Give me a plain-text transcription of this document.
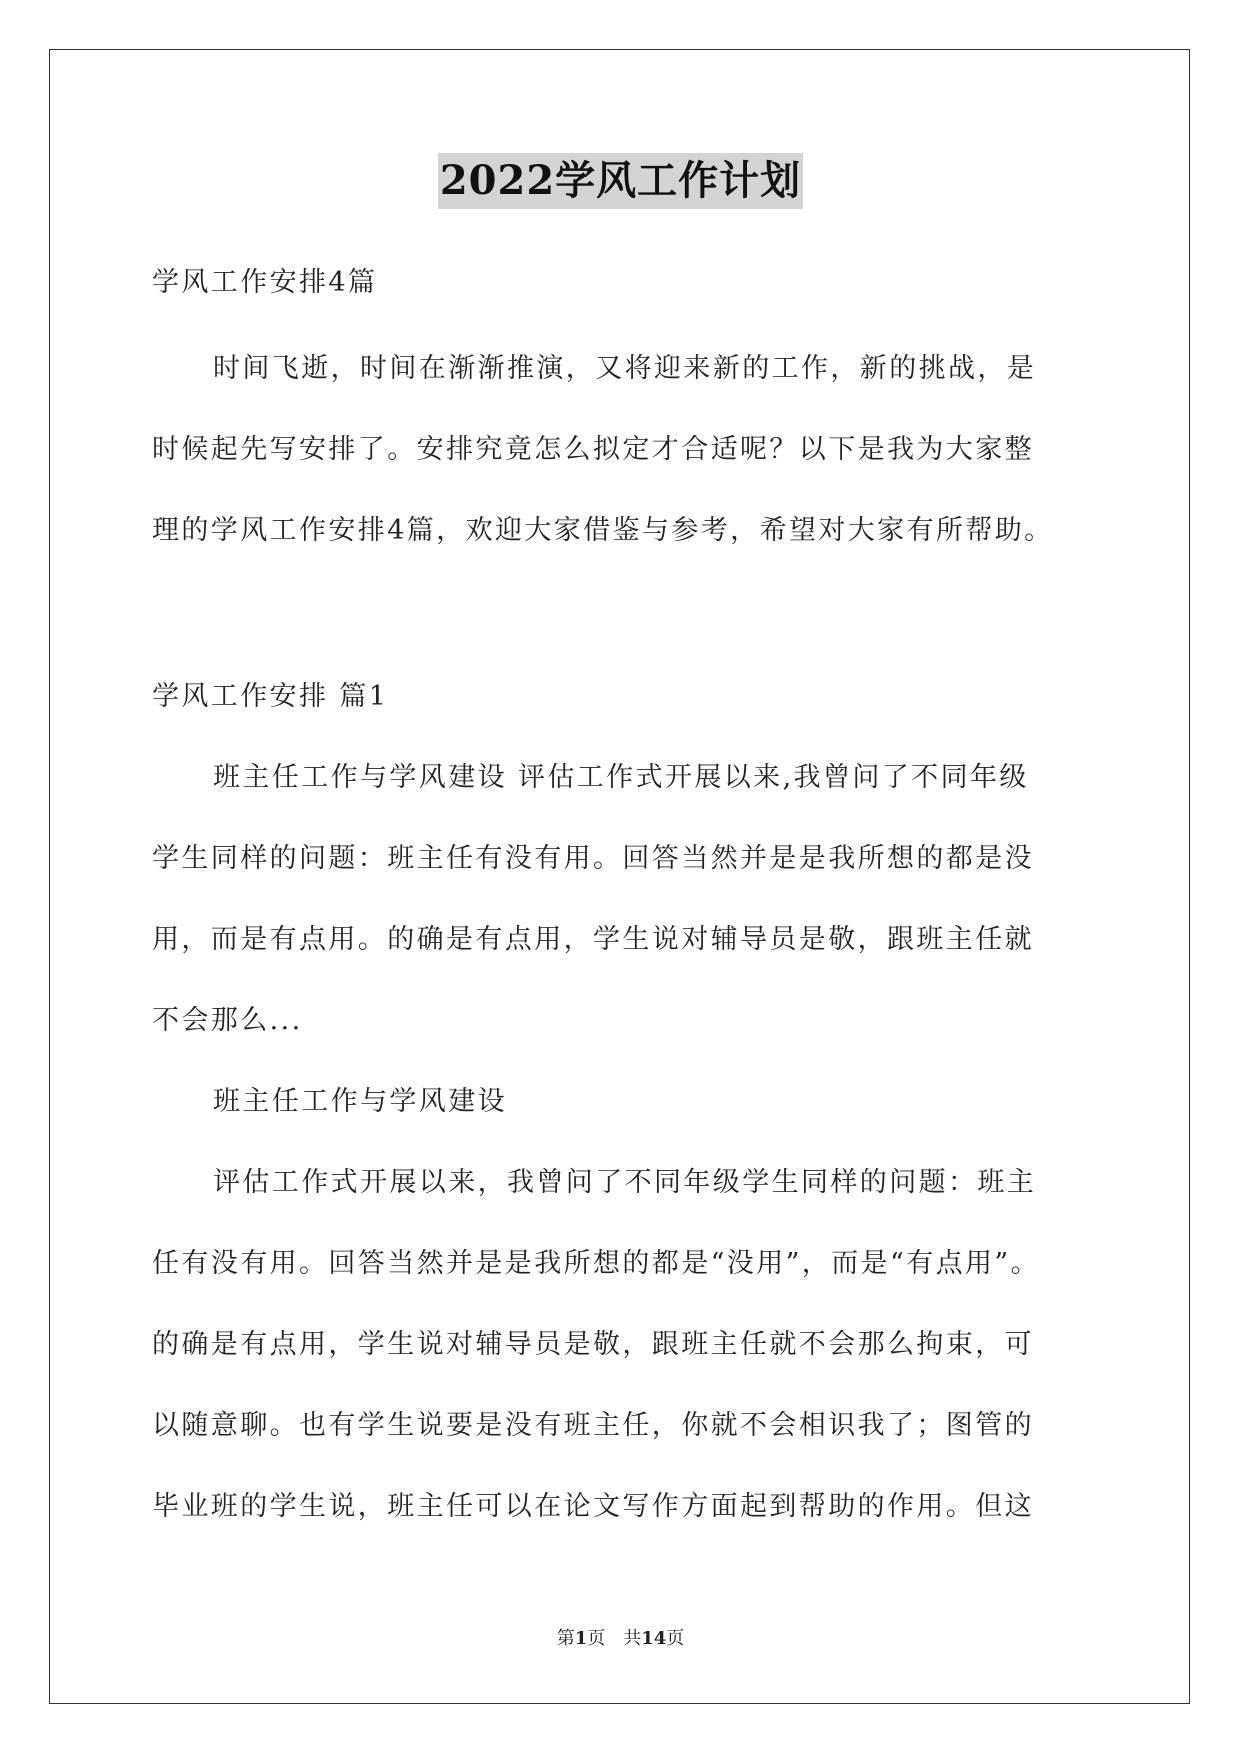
2022学风工作计划
学风工作安排4篇
时间飞逝，时间在渐渐推演，又将迎来新的工作，新的挑战，是
时候起先写安排了。安排究竟怎么拟定才合适呢？以下是我为大家整
理的学风工作安排4篇，欢迎大家借鉴与参考，希望对大家有所帮助。
学风工作安排 篇1
班主任工作与学风建设 评估工作式开展以来,我曾问了不同年级
学生同样的问题：班主任有没有用。回答当然并是是我所想的都是没
用，而是有点用。的确是有点用，学生说对辅导员是敬，跟班主任就
不会那么...
班主任工作与学风建设
评估工作式开展以来，我曾问了不同年级学生同样的问题：班主
任有没有用。回答当然并是是我所想的都是“没用”，而是“有点用”。
的确是有点用，学生说对辅导员是敬，跟班主任就不会那么拘束，可
以随意聊。也有学生说要是没有班主任，你就不会相识我了；图管的
毕业班的学生说，班主任可以在论文写作方面起到帮助的作用。但这
第1页　共14页
